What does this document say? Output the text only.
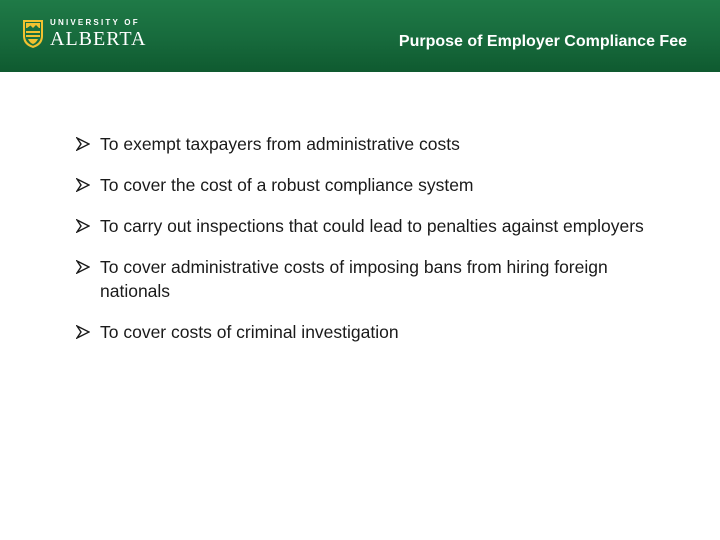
UNIVERSITY OF
ALBERTA	Purpose of Employer Compliance Fee
To exempt taxpayers from administrative costs
To cover the cost of a robust compliance system
To carry out inspections that could lead to penalties against employers
To cover administrative costs of imposing bans from hiring foreign nationals
To cover costs of criminal investigation
